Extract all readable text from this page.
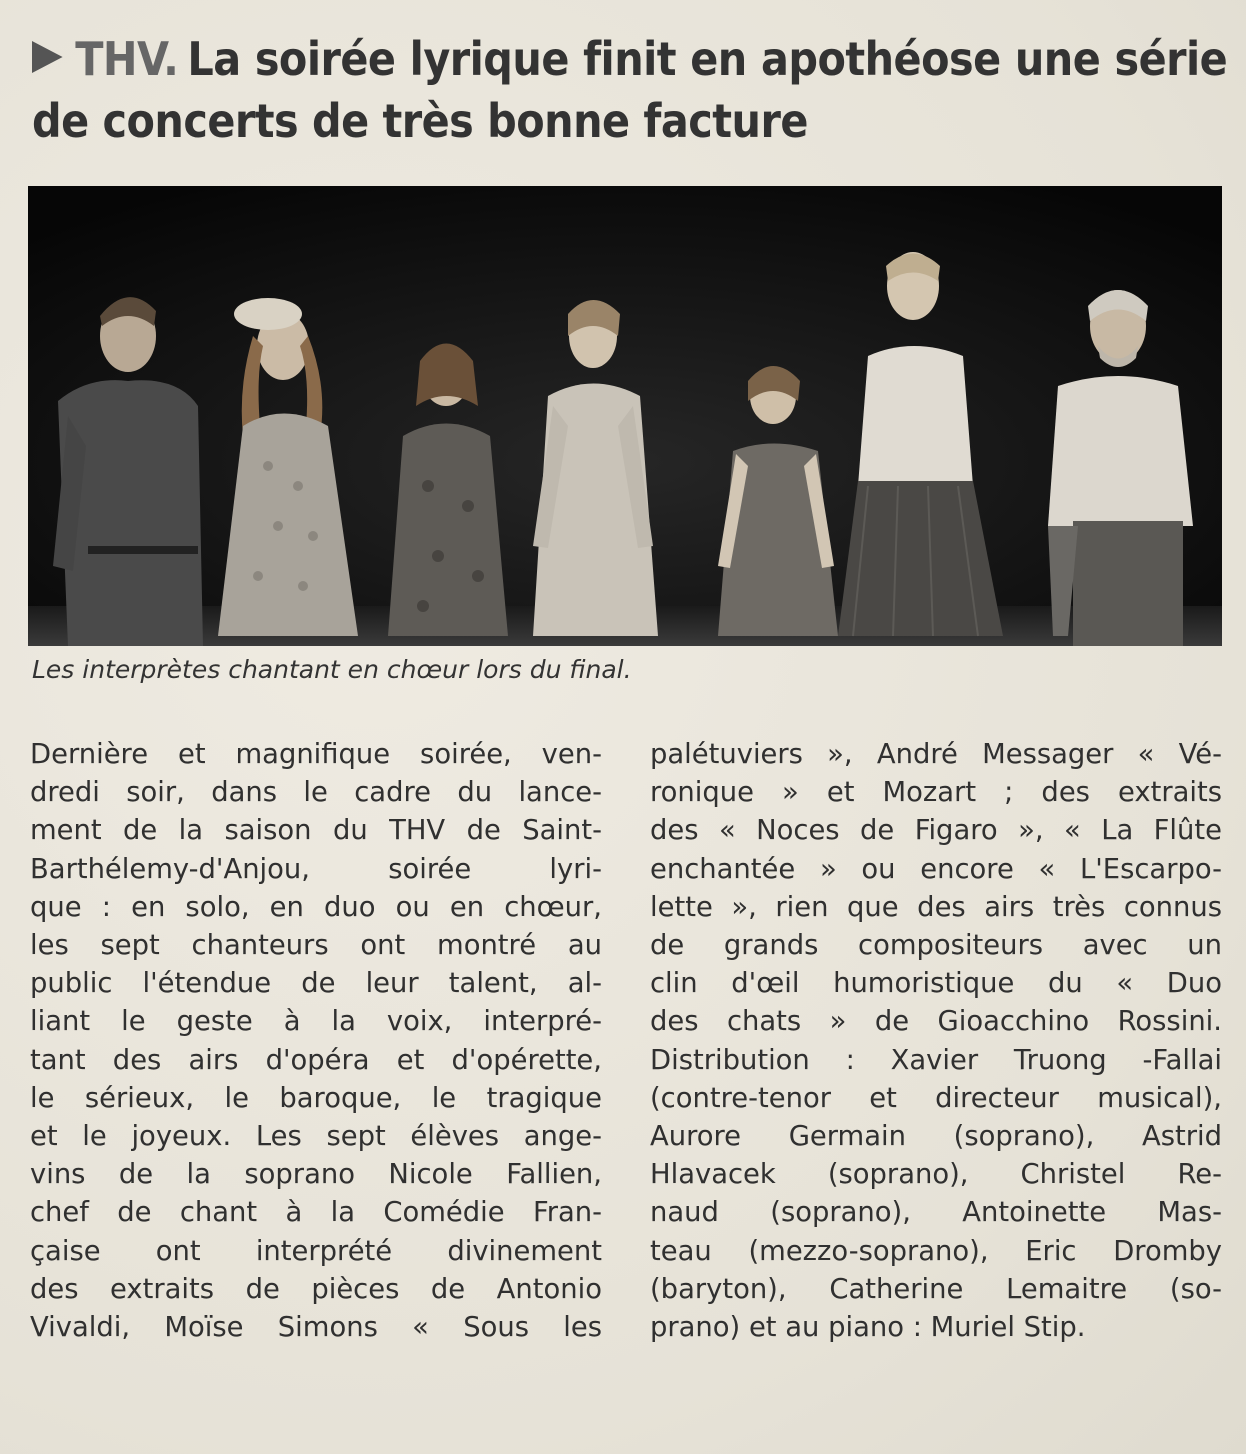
THV. La soirée lyrique finit en apothéose une série de concerts de très bonne facture
Les interprètes chantant en chœur lors du final.
Dernière et magnifique soirée, ven-
dredi soir, dans le cadre du lance-
ment de la saison du THV de Saint-
Barthélemy-d'Anjou, soirée lyri-
que : en solo, en duo ou en chœur,
les sept chanteurs ont montré au
public l'étendue de leur talent, al-
liant le geste à la voix, interpré-
tant des airs d'opéra et d'opérette,
le sérieux, le baroque, le tragique
et le joyeux. Les sept élèves ange-
vins de la soprano Nicole Fallien,
chef de chant à la Comédie Fran-
çaise ont interprété divinement
des extraits de pièces de Antonio
Vivaldi, Moïse Simons « Sous les
palétuviers », André Messager « Vé-
ronique » et Mozart ; des extraits
des « Noces de Figaro », « La Flûte
enchantée » ou encore « L'Escarpo-
lette », rien que des airs très connus
de grands compositeurs avec un
clin d'œil humoristique du « Duo
des chats » de Gioacchino Rossini.
Distribution : Xavier Truong -Fallai
(contre-tenor et directeur musical),
Aurore Germain (soprano), Astrid
Hlavacek (soprano), Christel Re-
naud (soprano), Antoinette Mas-
teau (mezzo-soprano), Eric Dromby
(baryton), Catherine Lemaitre (so-
prano) et au piano : Muriel Stip.
